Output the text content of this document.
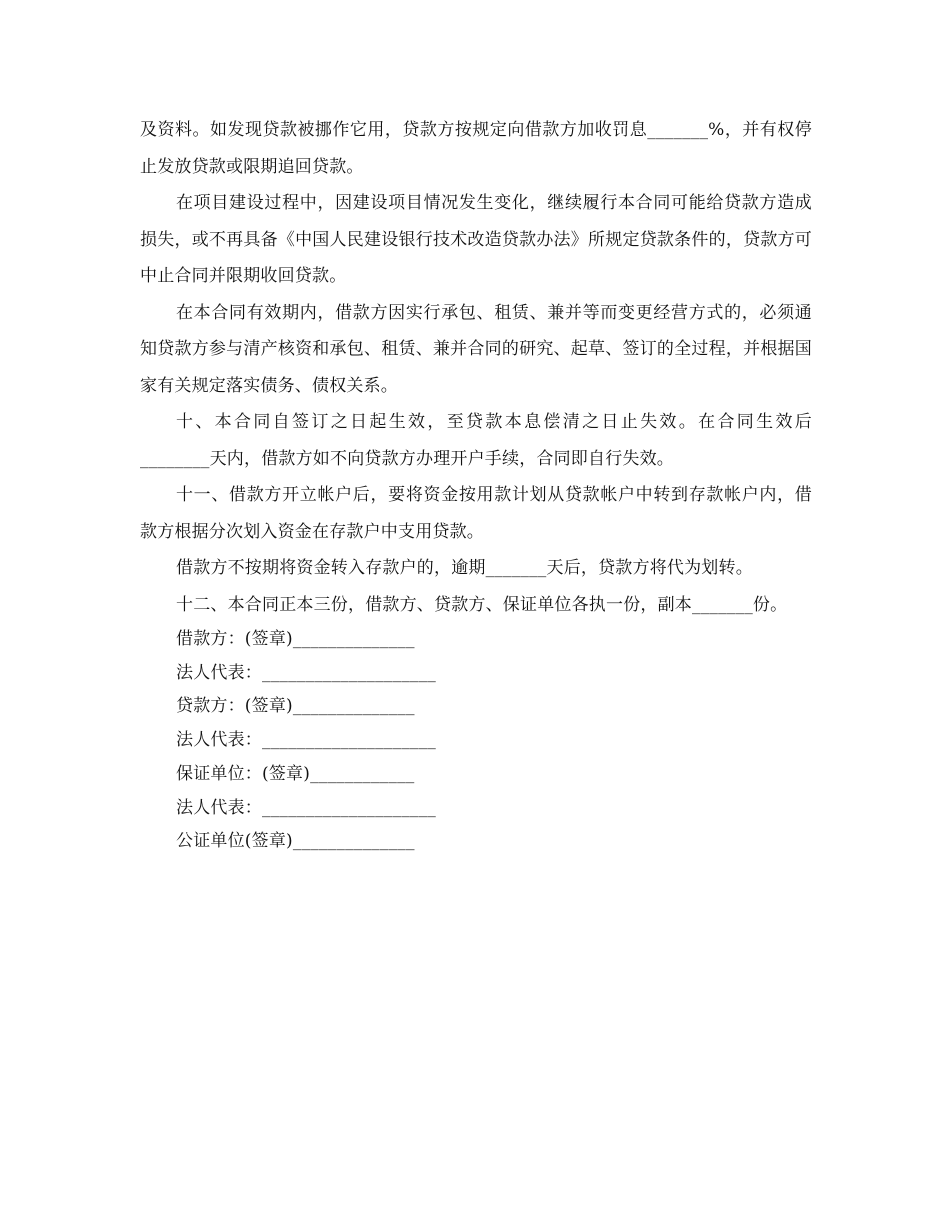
及资料。如发现贷款被挪作它用，贷款方按规定向借款方加收罚息_______%，并有权停止发放贷款或限期追回贷款。

在项目建设过程中，因建设项目情况发生变化，继续履行本合同可能给贷款方造成损失，或不再具备《中国人民建设银行技术改造贷款办法》所规定贷款条件的，贷款方可中止合同并限期收回贷款。

在本合同有效期内，借款方因实行承包、租赁、兼并等而变更经营方式的，必须通知贷款方参与清产核资和承包、租赁、兼并合同的研究、起草、签订的全过程，并根据国家有关规定落实债务、债权关系。

十、本合同自签订之日起生效，至贷款本息偿清之日止失效。在合同生效后________天内，借款方如不向贷款方办理开户手续，合同即自行失效。

十一、借款方开立帐户后，要将资金按用款计划从贷款帐户中转到存款帐户内，借款方根据分次划入资金在存款户中支用贷款。

借款方不按期将资金转入存款户的，逾期_______天后，贷款方将代为划转。

十二、本合同正本三份，借款方、贷款方、保证单位各执一份，副本_______份。

借款方：(签章)______________

法人代表：____________________

贷款方：(签章)______________

法人代表：____________________

保证单位：(签章)____________

法人代表：____________________

公证单位(签章)______________
